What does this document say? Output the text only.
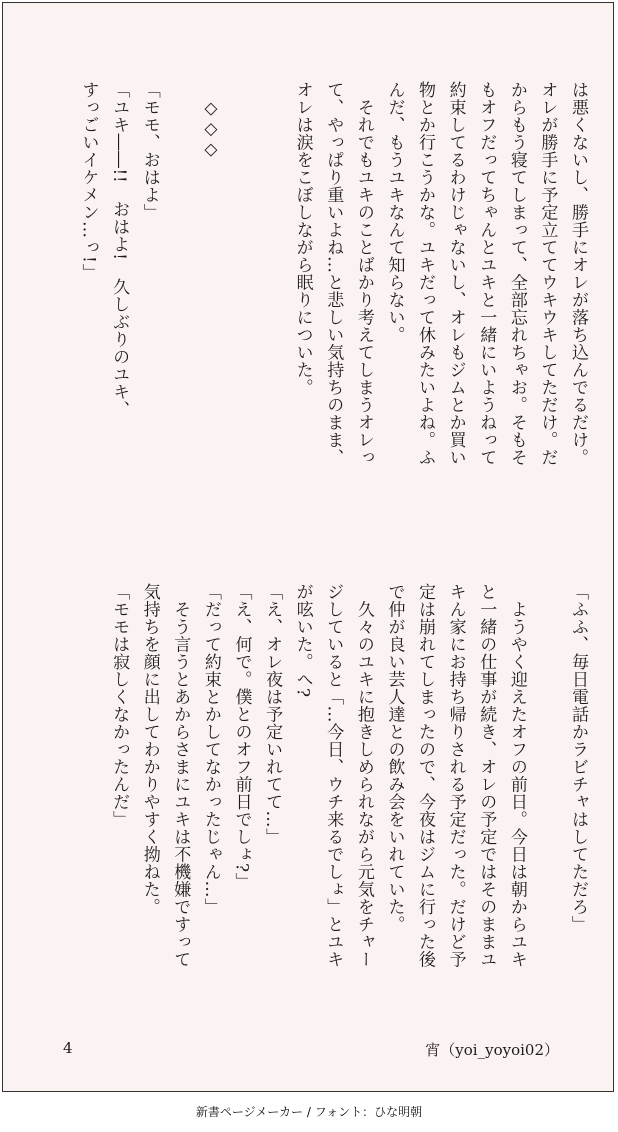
は悪くないし、勝手にオレが落ち込んでるだけ。

オレが勝手に予定立ててウキウキしてただけ。だ

からもう寝てしまって、全部忘れちゃお。そもそ

もオフだってちゃんとユキと一緒にいようねって

約束してるわけじゃないし、オレもジムとか買い

物とか行こうかな。ユキだって休みたいよね。ふ

んだ、もうユキなんて知らない。

　それでもユキのことばかり考えてしまうオレっ

て、やっぱり重いよね…と悲しい気持ちのまま、

オレは涙をこぼしながら眠りについた。

　◇◇◇

「モモ、おはよ」

「ユキ――!!　おはよ!　久しぶりのユキ、

すっごいイケメン…っ!」

「ふふ、毎日電話かラビチャはしてただろ」

　ようやく迎えたオフの前日。今日は朝からユキ

と一緒の仕事が続き、オレの予定ではそのままユ

キん家にお持ち帰りされる予定だった。だけど予

定は崩れてしまったので、今夜はジムに行った後

で仲が良い芸人達との飲み会をいれていた。

　久々のユキに抱きしめられながら元気をチャー

ジしていると「…今日、ウチ来るでしょ」とユキ

が呟いた。へ?

「え、オレ夜は予定いれてて…」

「え、何で。僕とのオフ前日でしょ?」

「だって約束とかしてなかったじゃん…」

　そう言うとあからさまにユキは不機嫌ですって

気持ちを顔に出してわかりやすく拗ねた。

「モモは寂しくなかったんだ」

4	宵（yoi_yoyoi02）
新書ページメーカー / フォント：ひな明朝
